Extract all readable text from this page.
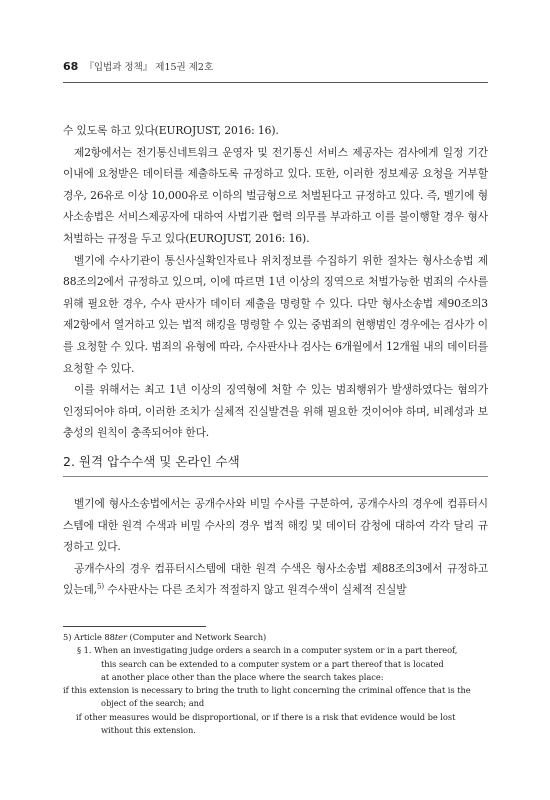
68 『입법과 정책』 제15권 제2호

수 있도록 하고 있다(EUROJUST, 2016: 16).

제2항에서는 전기통신네트워크 운영자 및 전기통신 서비스 제공자는 검사에게 일정 기간 이내에 요청받은 데이터를 제출하도록 규정하고 있다. 또한, 이러한 정보제공 요청을 거부할 경우, 26유로 이상 10,000유로 이하의 벌금형으로 처벌된다고 규정하고 있다. 즉, 벨기에 형사소송법은 서비스제공자에 대하여 사법기관 협력 의무를 부과하고 이를 불이행할 경우 형사처벌하는 규정을 두고 있다(EUROJUST, 2016: 16).

벨기에 수사기관이 통신사실확인자료나 위치정보를 수집하기 위한 절차는 형사소송법 제88조의2에서 규정하고 있으며, 이에 따르면 1년 이상의 징역으로 처벌가능한 범죄의 수사를 위해 필요한 경우, 수사 판사가 데이터 제출을 명령할 수 있다. 다만 형사소송법 제90조의3 제2항에서 열거하고 있는 법적 해킹을 명령할 수 있는 중범죄의 현행범인 경우에는 검사가 이를 요청할 수 있다. 범죄의 유형에 따라, 수사판사나 검사는 6개월에서 12개월 내의 데이터를 요청할 수 있다.

이를 위해서는 최고 1년 이상의 징역형에 처할 수 있는 범죄행위가 발생하였다는 혐의가 인정되어야 하며, 이러한 조치가 실체적 진실발견을 위해 필요한 것이어야 하며, 비례성과 보충성의 원칙이 충족되어야 한다.

2. 원격 압수수색 및 온라인 수색

벨기에 형사소송법에서는 공개수사와 비밀 수사를 구분하여, 공개수사의 경우에 컴퓨터시스템에 대한 원격 수색과 비밀 수사의 경우 법적 해킹 및 데이터 감청에 대하여 각각 달리 규정하고 있다.

공개수사의 경우 컴퓨터시스템에 대한 원격 수색은 형사소송법 제88조의3에서 규정하고 있는데,$^{5)}$ 수사판사는 다른 조치가 적절하지 않고 원격수색이 실체적 진실발

5) Article 88ter (Computer and Network Search)

§ 1. When an investigating judge orders a search in a computer system or in a part thereof,

this search can be extended to a computer system or a part thereof that is located

at another place other than the place where the search takes place:

if this extension is necessary to bring the truth to light concerning the criminal offence that is the object of the search; and

if other measures would be disproportional, or if there is a risk that evidence would be lost without this extension.
